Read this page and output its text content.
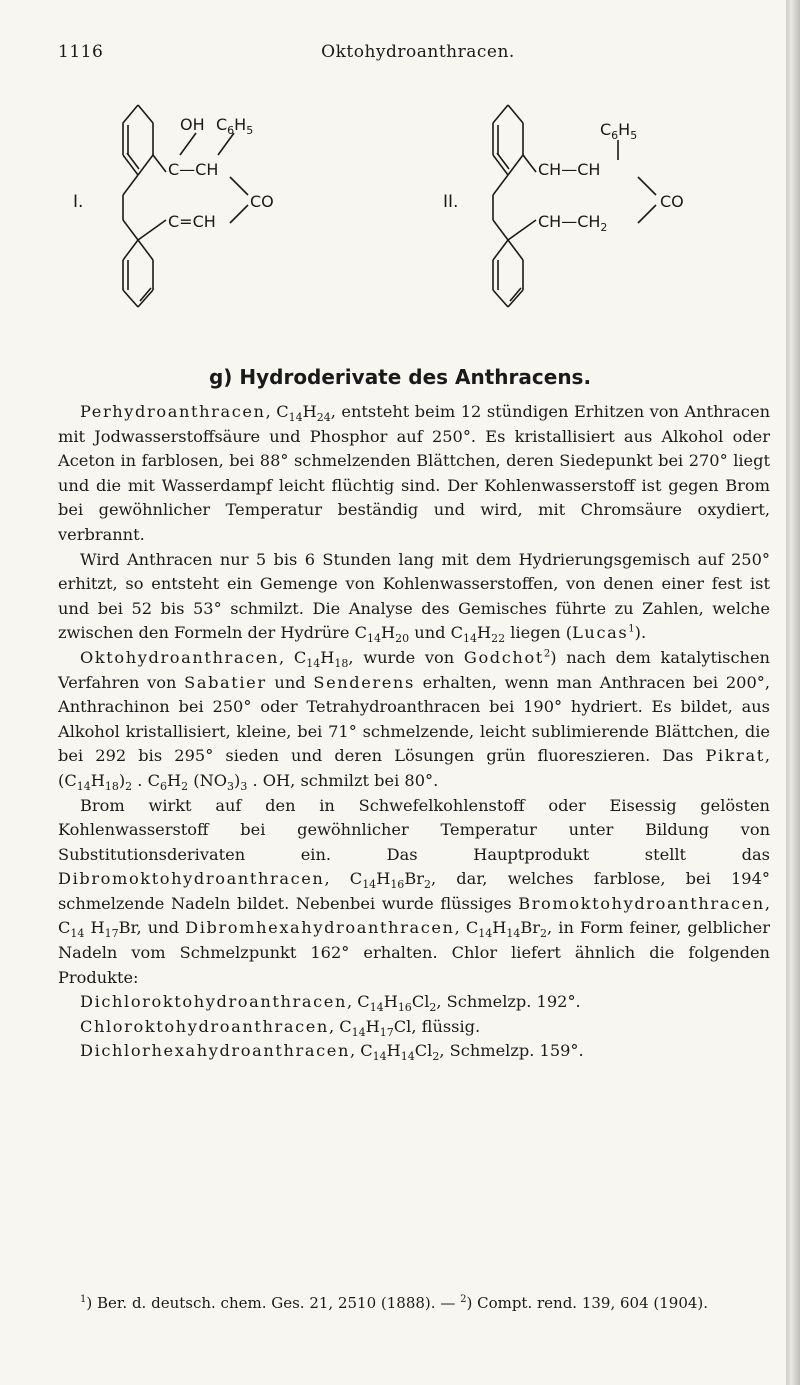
1116	Oktohydroanthracen.
I.
OH $C_6H_5$
C—CH
C=CH
CO	II.
$C_6H_5$
CH—CH
$CH—CH_2$
CO
g) Hydroderivate des Anthracens.

Perhydroanthracen, $C_{14}H_{24}$, entsteht beim 12 stündigen Erhitzen von Anthracen mit Jodwasserstoffsäure und Phosphor auf 250°. Es kristallisiert aus Alkohol oder Aceton in farblosen, bei 88° schmelzenden Blättchen, deren Siedepunkt bei 270° liegt und die mit Wasserdampf leicht flüchtig sind. Der Kohlenwasserstoff ist gegen Brom bei gewöhnlicher Temperatur beständig und wird, mit Chromsäure oxydiert, verbrannt.

Wird Anthracen nur 5 bis 6 Stunden lang mit dem Hydrierungsgemisch auf 250° erhitzt, so entsteht ein Gemenge von Kohlenwasserstoffen, von denen einer fest ist und bei 52 bis 53° schmilzt. Die Analyse des Gemisches führte zu Zahlen, welche zwischen den Formeln der Hydrüre $C_{14}H_{20}$ und $C_{14}H_{22}$ liegen (Lucas$^1$).

Oktohydroanthracen, $C_{14}H_{18}$, wurde von Godchot$^2$) nach dem katalytischen Verfahren von Sabatier und Senderens erhalten, wenn man Anthracen bei 200°, Anthrachinon bei 250° oder Tetrahydroanthracen bei 190° hydriert. Es bildet, aus Alkohol kristallisiert, kleine, bei 71° schmelzende, leicht sublimierende Blättchen, die bei 292 bis 295° sieden und deren Lösungen grün fluoreszieren. Das Pikrat, $(C_{14}H_{18})_2$ . $C_6H_2$ $(NO_3)_3$ . OH, schmilzt bei 80°.

Brom wirkt auf den in Schwefelkohlenstoff oder Eisessig gelösten Kohlenwasserstoff bei gewöhnlicher Temperatur unter Bildung von Substitutionsderivaten ein. Das Hauptprodukt stellt das Dibromoktohydroanthracen, $C_{14}H_{16}Br_2$, dar, welches farblose, bei 194° schmelzende Nadeln bildet. Nebenbei wurde flüssiges Bromoktohydroanthracen, $C_{14}$ $H_{17}Br$, und Dibromhexahydroanthracen, $C_{14}H_{14}Br_2$, in Form feiner, gelblicher Nadeln vom Schmelzpunkt 162° erhalten. Chlor liefert ähnlich die folgenden Produkte:

Dichloroktohydroanthracen, $C_{14}H_{16}Cl_2$, Schmelzp. 192°.
Chloroktohydroanthracen, $C_{14}H_{17}Cl$, flüssig.
Dichlorhexahydroanthracen, $C_{14}H_{14}Cl_2$, Schmelzp. 159°.

$^1$) Ber. d. deutsch. chem. Ges. 21, 2510 (1888). — $^2$) Compt. rend. 139, 604 (1904).
